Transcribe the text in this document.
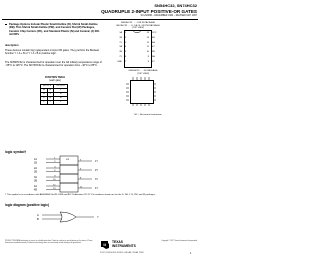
SN54HC32, SN74HC32
QUADRUPLE 2-INPUT POSITIVE-OR GATES
SCLS096B – DECEMBER 1982 – REVISED MAY 1997
Package Options Include Plastic Small-Outline (D), Shrink Small-Outline (DB), Thin Shrink Small-Outline (PW), and Ceramic Flat (W) Packages, Ceramic Chip Carriers (FK), and Standard Plastic (N) and Ceramic (J) 300-mil DIPs
description

These devices contain four independent 2-input OR gates. They perform the Boolean function Y = A + B or Y = A̅ • B̅ in positive logic.

The SN54HC32 is characterized for operation over the full military temperature range of −55°C to 125°C. The SN74HC32 is characterized for operation from −40°C to 85°C.

FUNCTION TABLE
(each gate)
INPUTS		OUTPUT
A	B	Y
H	X	H
X	H	H
L	L	L
SN54HC32 . . . J OR W PACKAGE
SN74HC32 . . . D, DB, N, OR PW PACKAGE
(TOP VIEW)
1A 1
1B 2
1Y 3
2A 4
2B 5
2Y 6
GND 7
VCC
14
4B
13
4A
12
4Y
11
3B
10
3A
9
3Y
8
SN54HC32 . . . FK PACKAGE
(TOP VIEW)
NC – No internal connection
logic symbol†
≥1
1A	1
1B	2
3	1Y
2A	4
2B	5
6	2Y
3A	9
3B	10
8	3Y
4A	12
4B	13
11	4Y
A
B
Y
† This symbol is in accordance with ANSI/IEEE Std 91-1984 and IEC Publication 617-12. Pin numbers shown are for the D, DB, J, N, PW, and W packages.
logic diagram (positive logic)
PRODUCTION DATA information is current as of publication date. Products conform to specifications per the terms of Texas Instruments standard warranty. Production processing does not necessarily include testing of all parameters.	ti TEXAS
INSTRUMENTS
POST OFFICE BOX 655303 • DALLAS, TEXAS 75265
Copyright © 1997, Texas Instruments Incorporated
1
